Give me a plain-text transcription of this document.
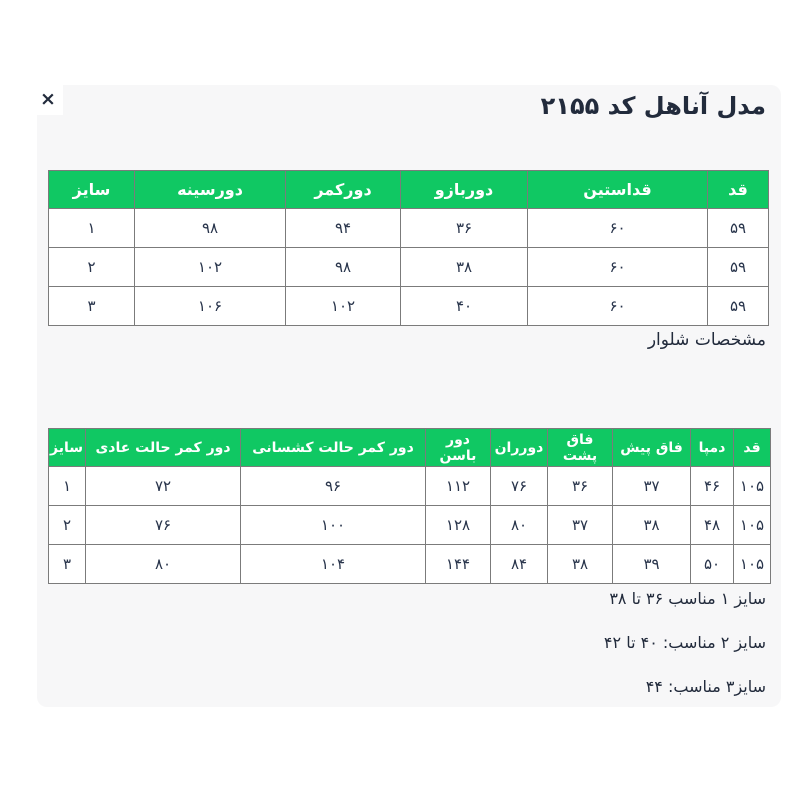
×	مدل آناهل کد ۲۱۵۵
قد	قداستین	دوربازو	دورکمر	دورسینه	سایز
۵۹	۶۰	۳۶	۹۴	۹۸	۱
۵۹	۶۰	۳۸	۹۸	۱۰۲	۲
۵۹	۶۰	۴۰	۱۰۲	۱۰۶	۳
مشخصات شلوار
قد	دمپا	فاق پیش	فاق پشت	دورران	دور باسن	دور کمر حالت کشسانی	دور کمر حالت عادی	سایز
۱۰۵	۴۶	۳۷	۳۶	۷۶	۱۱۲	۹۶	۷۲	۱
۱۰۵	۴۸	۳۸	۳۷	۸۰	۱۲۸	۱۰۰	۷۶	۲
۱۰۵	۵۰	۳۹	۳۸	۸۴	۱۴۴	۱۰۴	۸۰	۳
سایز ۱ مناسب ۳۶ تا ۳۸
سایز ۲ مناسب: ۴۰ تا ۴۲
سایز۳ مناسب: ۴۴
